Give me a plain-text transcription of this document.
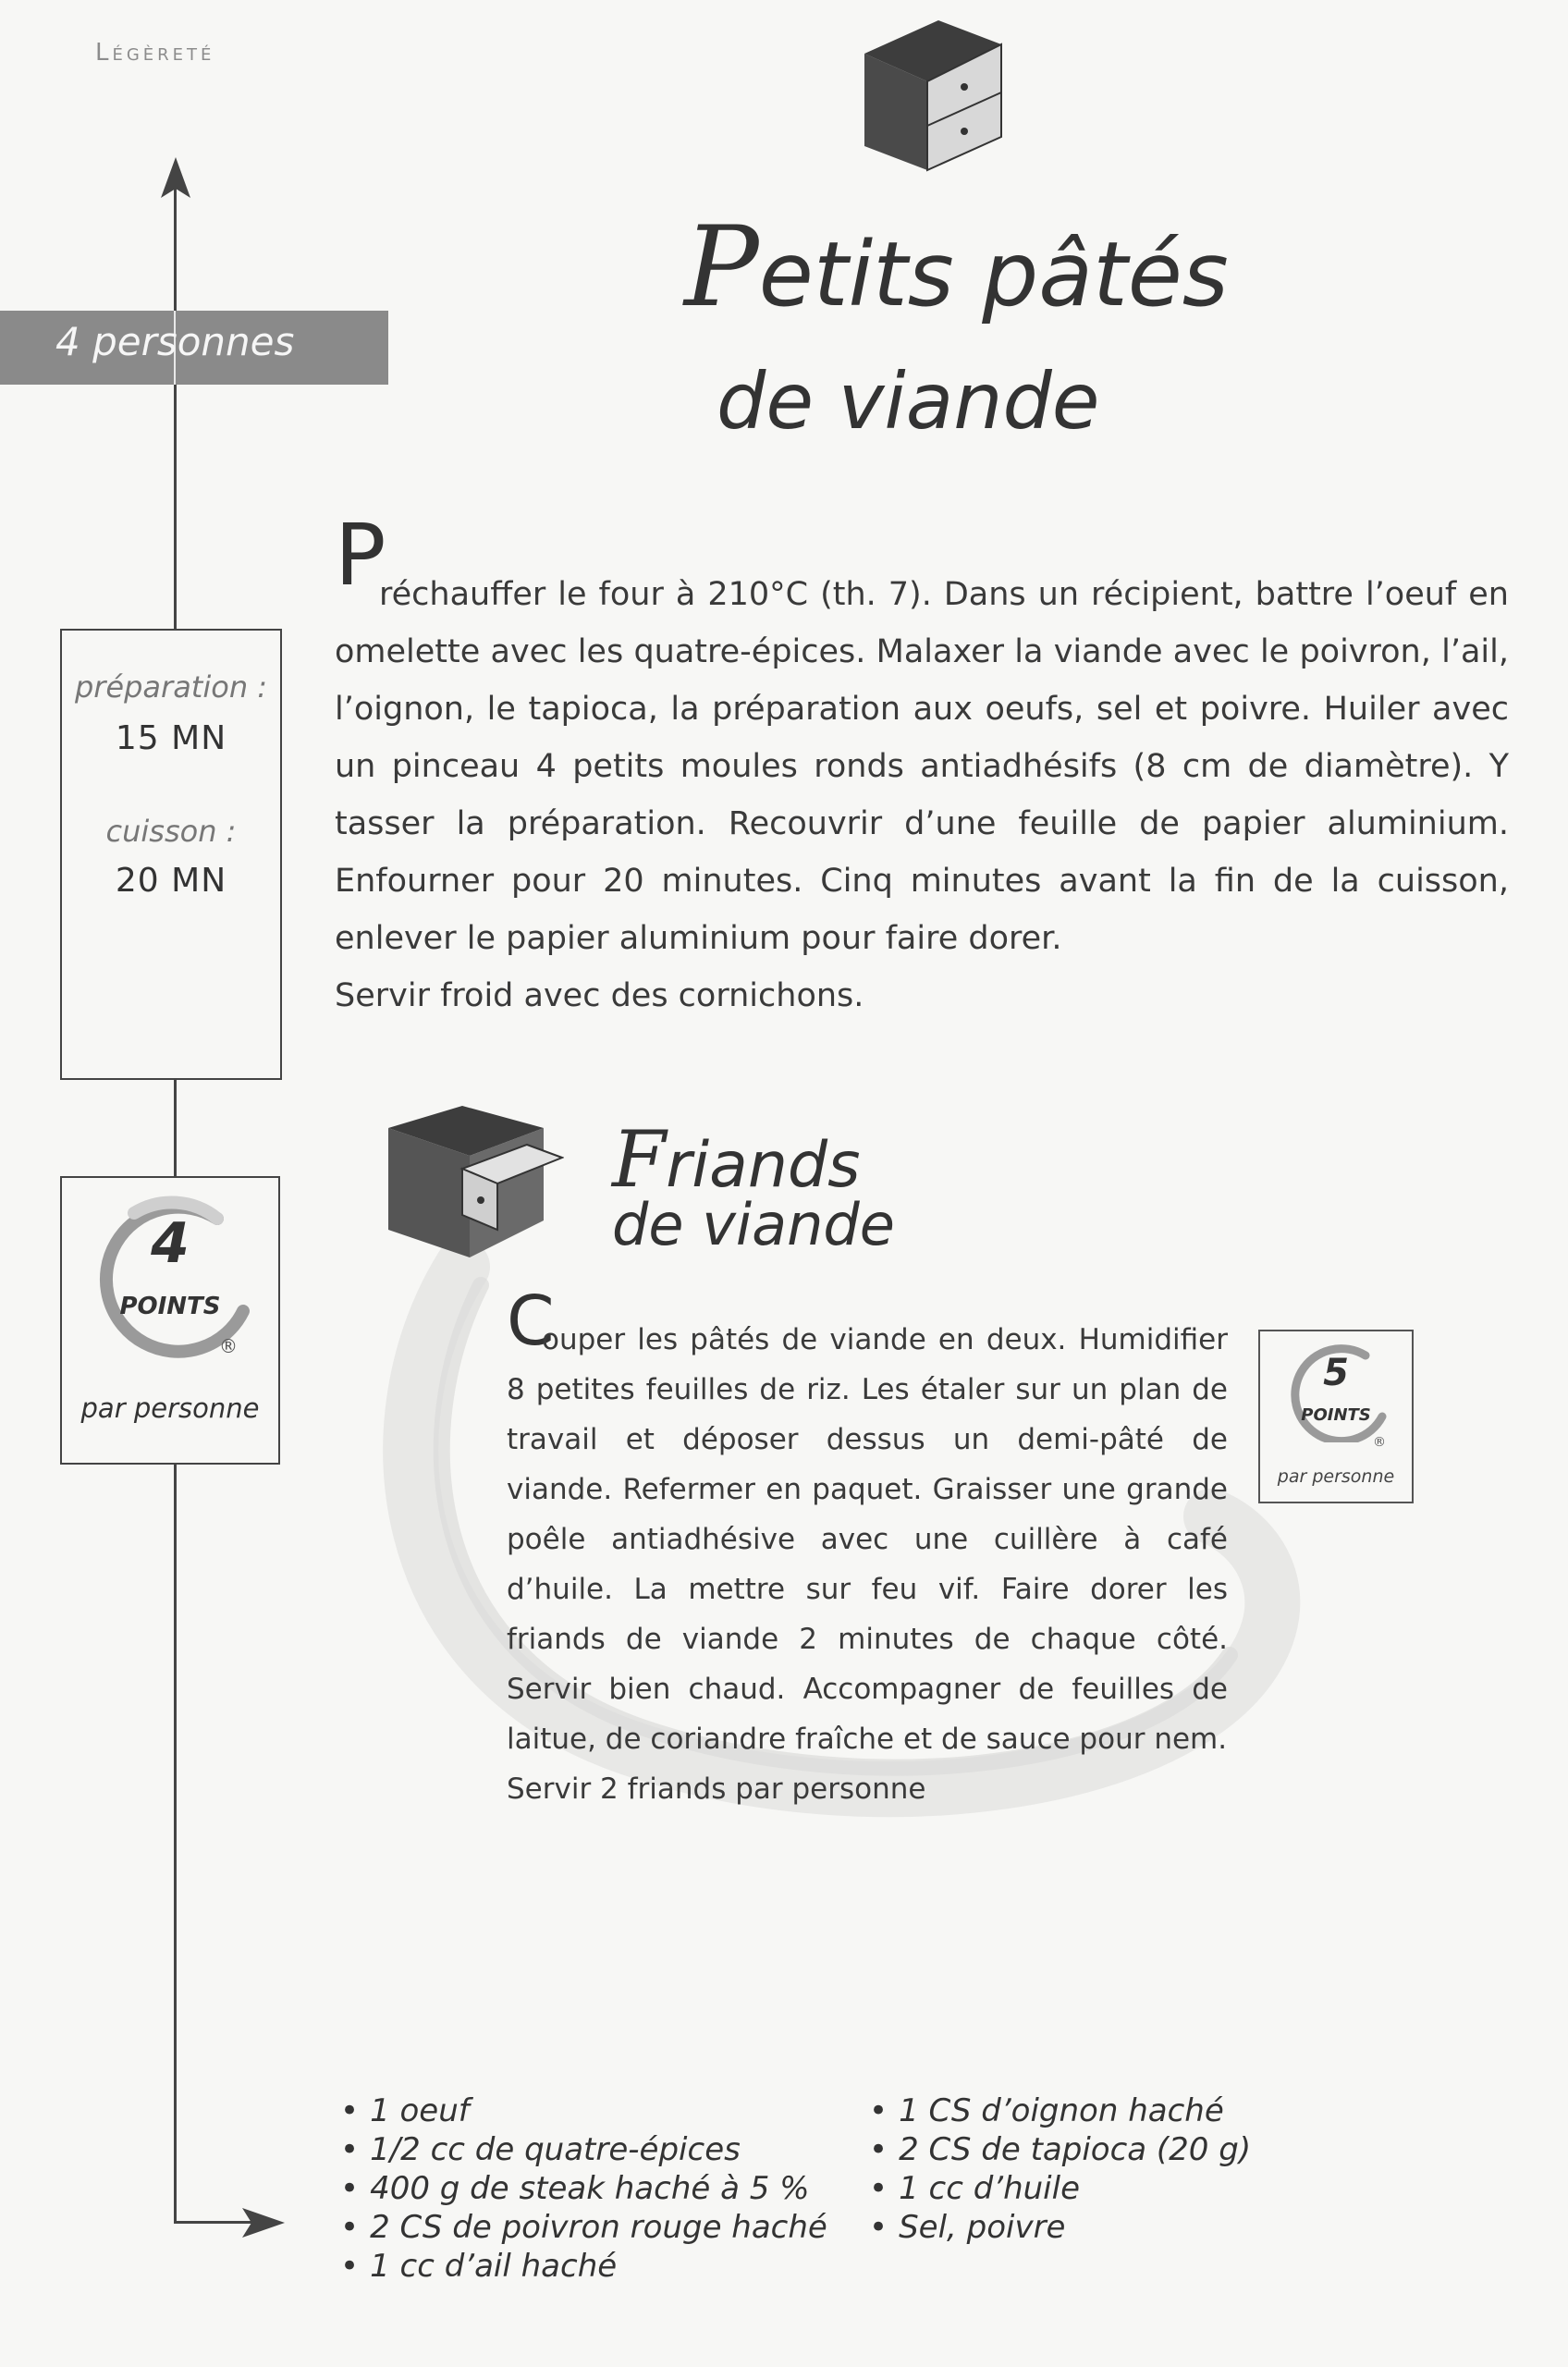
Légèreté
4 personnes
préparation :
15 MN
cuisson :
20 MN
4
POINTS
®
par personne
Petits pâtés
de viande
P
réchauffer le four à 210°C (th. 7). Dans un récipient, battre l’oeuf en omelette avec les quatre-épices. Malaxer la viande avec le poivron, l’ail, l’oignon, le tapioca, la préparation aux oeufs, sel et poivre. Huiler avec un pinceau 4 petits moules ronds antiadhésifs (8 cm de diamètre). Y tasser la préparation. Recouvrir d’une feuille de papier aluminium. Enfourner pour 20 minutes. Cinq minutes avant la fin de la cuisson, enlever le papier aluminium pour faire dorer.
Servir froid avec des cornichons.
Friands
de viande
C
ouper les pâtés de viande en deux. Humidifier 8 petites feuilles de riz. Les étaler sur un plan de travail et déposer dessus un demi-pâté de viande. Refermer en paquet. Graisser une grande poêle antiadhésive avec une cuillère à café d’huile. La mettre sur feu vif. Faire dorer les friands de viande 2 minutes de chaque côté. Servir bien chaud. Accompagner de feuilles de laitue, de coriandre fraîche et de sauce pour nem.
Servir 2 friands par personne
5
POINTS
®
par personne
• 1 oeuf
• 1/2 cc de quatre-épices
• 400 g de steak haché à 5 %
• 2 CS de poivron rouge haché
• 1 cc d’ail haché
• 1 CS d’oignon haché
• 2 CS de tapioca (20 g)
• 1 cc d’huile
• Sel, poivre
